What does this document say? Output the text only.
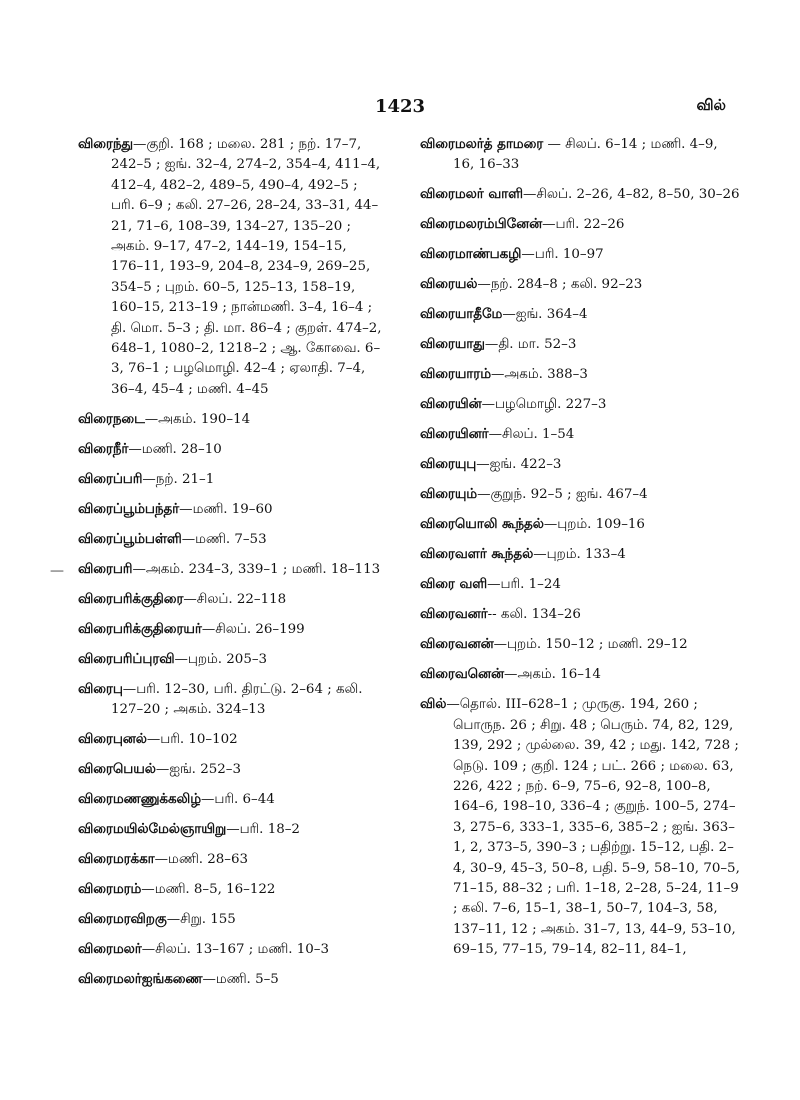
1423	வில்
—

விரைந்து—குறி. 168 ; மலை. 281 ; நற். 17–7, 242–5 ; ஐங். 32–4, 274–2, 354–4, 411–4, 412–4, 482–2, 489–5, 490–4, 492–5 ; பரி. 6–9 ; கலி. 27–26, 28–24, 33–31, 44–21, 71–6, 108–39, 134–27, 135–20 ; அகம். 9–17, 47–2, 144–19, 154–15, 176–11, 193–9, 204–8, 234–9, 269–25, 354–5 ; புறம். 60–5, 125–13, 158–19, 160–15, 213–19 ; நான்மணி. 3–4, 16–4 ; தி. மொ. 5–3 ; தி. மா. 86–4 ; குறள். 474–2, 648–1, 1080–2, 1218–2 ; ஆ. கோவை. 6–3, 76–1 ; பழமொழி. 42–4 ; ஏலாதி. 7–4, 36–4, 45–4 ; மணி. 4–45

விரைநடை—அகம். 190–14

விரைநீர்—மணி. 28–10

விரைப்பரி—நற். 21–1

விரைப்பூம்பந்தர்—மணி. 19–60

விரைப்பூம்பள்ளி—மணி. 7–53

விரைபரி—அகம். 234–3, 339–1 ; மணி. 18–113

விரைபரிக்குதிரை—சிலப். 22–118

விரைபரிக்குதிரையர்—சிலப். 26–199

விரைபரிப்புரவி—புறம். 205–3

விரைபு—பரி. 12–30, பரி. திரட்டு. 2–64 ; கலி. 127–20 ; அகம். 324–13

விரைபுனல்—பரி. 10–102

விரைபெயல்—ஐங். 252–3

விரைமணணுக்கலிழ்—பரி. 6–44

விரைமயில்மேல்ஞாயிறு—பரி. 18–2

விரைமரக்கா—மணி. 28–63

விரைமரம்—மணி. 8–5, 16–122

விரைமரவிறகு—சிறு. 155

விரைமலர்—சிலப். 13–167 ; மணி. 10–3

விரைமலர்ஐங்கணை—மணி. 5–5

விரைமலர்த் தாமரை — சிலப். 6–14 ; மணி. 4–9, 16, 16–33

விரைமலர் வாளி—சிலப். 2–26, 4–82, 8–50, 30–26

விரைமலரம்பினேன்—பரி. 22–26

விரைமாண்பகழி—பரி. 10–97

விரையல்—நற். 284–8 ; கலி. 92–23

விரையாதீமே—ஐங். 364–4

விரையாது—தி. மா. 52–3

விரையாரம்—அகம். 388–3

விரையின்—பழமொழி. 227–3

விரையினர்—சிலப். 1–54

விரையுபு—ஐங். 422–3

விரையும்—குறுந். 92–5 ; ஐங். 467–4

விரையொலி கூந்தல்—புறம். 109–16

விரைவளர் கூந்தல்—புறம். 133–4

விரை வளி—பரி. 1–24

விரைவனர்-- கலி. 134–26

விரைவனன்—புறம். 150–12 ; மணி. 29–12

விரைவனென்—அகம். 16–14

வில்—தொல். III–628–1 ; முருகு. 194, 260 ; பொருந. 26 ; சிறு. 48 ; பெரும். 74, 82, 129, 139, 292 ; முல்லை. 39, 42 ; மது. 142, 728 ; நெடு. 109 ; குறி. 124 ; பட். 266 ; மலை. 63, 226, 422 ; நற். 6–9, 75–6, 92–8, 100–8, 164–6, 198–10, 336–4 ; குறுந். 100–5, 274–3, 275–6, 333–1, 335–6, 385–2 ; ஐங். 363–1, 2, 373–5, 390–3 ; பதிற்று. 15–12, பதி. 2–4, 30–9, 45–3, 50–8, பதி. 5–9, 58–10, 70–5, 71–15, 88–32 ; பரி. 1–18, 2–28, 5–24, 11–9 ; கலி. 7–6, 15–1, 38–1, 50–7, 104–3, 58, 137–11, 12 ; அகம். 31–7, 13, 44–9, 53–10, 69–15, 77–15, 79–14, 82–11, 84–1,
